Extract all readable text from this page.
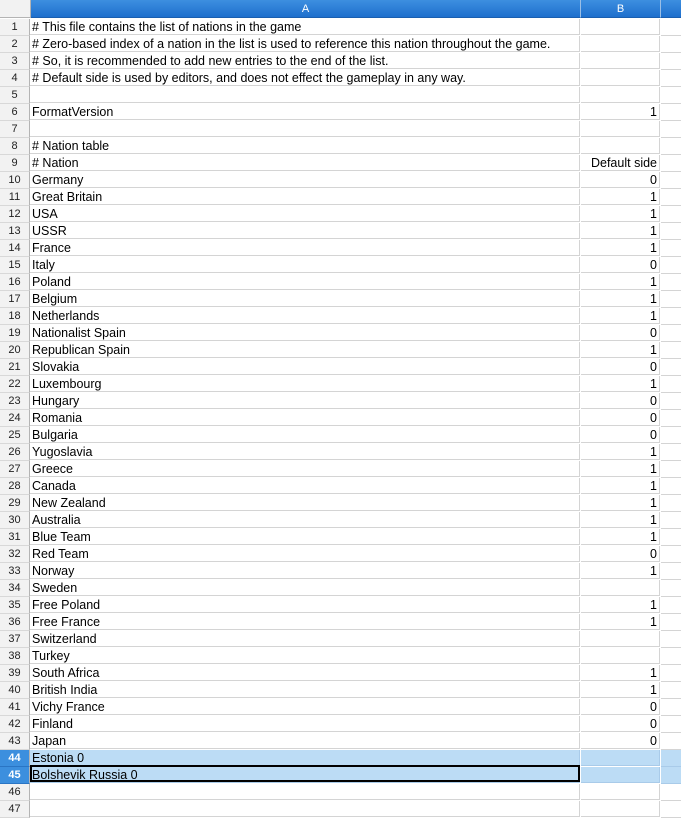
A	B
1	# This file contains the list of nations in the game
2	# Zero-based index of a nation in the list is used to reference this nation throughout the game.
3	# So, it is recommended to add new entries to the end of the list.
4	# Default side is used by editors, and does not effect the gameplay in any way.
5
6	FormatVersion	1
7
8	# Nation table
9	# Nation	Default side
10 Germany	0
11 Great Britain	1
12 USA	1
13 USSR	1
14 France	1
15 Italy	0
16 Poland	1
17 Belgium	1
18 Netherlands	1
19 Nationalist Spain	0
20 Republican Spain	1
21 Slovakia	0
22 Luxembourg	1
23 Hungary	0
24 Romania	0
25 Bulgaria	0
26 Yugoslavia	1
27 Greece	1
28 Canada	1
29 New Zealand	1
30 Australia	1
31 Blue Team	1
32 Red Team	0
33 Norway	1
34 Sweden
35 Free Poland	1
36 Free France	1
37 Switzerland
38 Turkey
39 South Africa	1
40 British India	1
41 Vichy France	0
42 Finland	0
43 Japan	0
44 Estonia 0
45 Bolshevik Russia 0
46
47
